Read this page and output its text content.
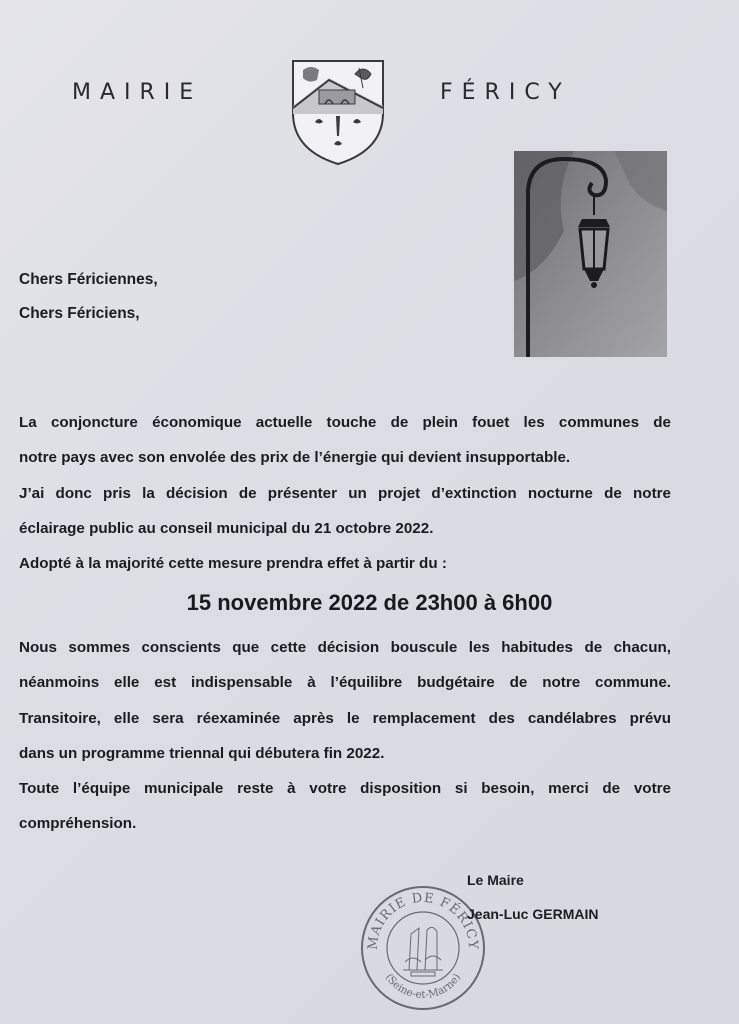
MAIRIE	FÉRICY
Chers Fériciennes,
Chers Fériciens,

La conjoncture économique actuelle touche de plein fouet les communes de

notre pays avec son envolée des prix de l’énergie qui devient insupportable.

J’ai donc pris la décision de présenter un projet d’extinction nocturne de notre

éclairage public au conseil municipal du 21 octobre 2022.

Adopté à la majorité cette mesure prendra effet à partir du :

15 novembre 2022 de 23h00 à 6h00

Nous sommes conscients que cette décision bouscule les habitudes de chacun,

néanmoins elle est indispensable à l’équilibre budgétaire de notre commune.

Transitoire, elle sera réexaminée après le remplacement des candélabres prévu

dans un programme triennal qui débutera fin 2022.

Toute l’équipe municipale reste à votre disposition si besoin, merci de votre

compréhension.

MAIRIE DE FÉRICY
(Seine-et-Marne)
Le Maire
Jean-Luc GERMAIN
